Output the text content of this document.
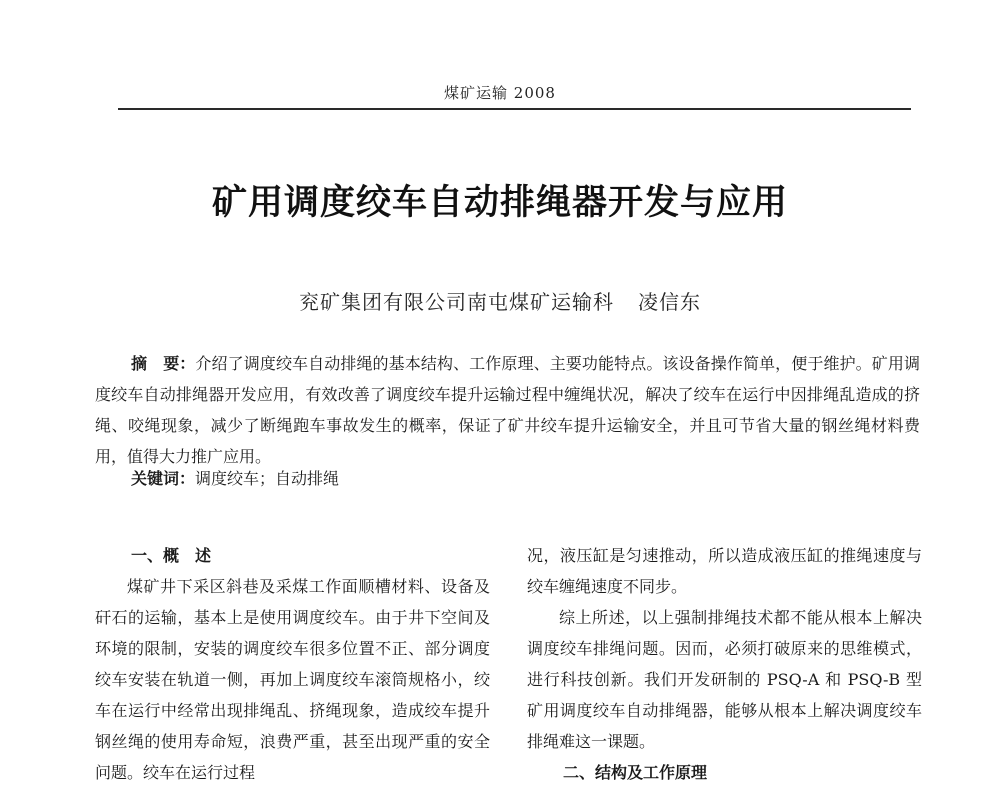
煤矿运输 2008
矿用调度绞车自动排绳器开发与应用
兖矿集团有限公司南屯煤矿运输科 凌信东
摘　要：介绍了调度绞车自动排绳的基本结构、工作原理、主要功能特点。该设备操作简单，便于维护。矿用调度绞车自动排绳器开发应用，有效改善了调度绞车提升运输过程中缠绳状况，解决了绞车在运行中因排绳乱造成的挤绳、咬绳现象，减少了断绳跑车事故发生的概率，保证了矿井绞车提升运输安全，并且可节省大量的钢丝绳材料费用，值得大力推广应用。
关键词：调度绞车；自动排绳
一、概　述

煤矿井下采区斜巷及采煤工作面顺槽材料、设备及矸石的运输，基本上是使用调度绞车。由于井下空间及环境的限制，安装的调度绞车很多位置不正、部分调度绞车安装在轨道一侧，再加上调度绞车滚筒规格小，绞车在运行中经常出现排绳乱、挤绳现象，造成绞车提升钢丝绳的使用寿命短，浪费严重，甚至出现严重的安全问题。绞车在运行过程

况，液压缸是匀速推动，所以造成液压缸的推绳速度与绞车缠绳速度不同步。

综上所述，以上强制排绳技术都不能从根本上解决调度绞车排绳问题。因而，必须打破原来的思维模式，进行科技创新。我们开发研制的 PSQ-A 和 PSQ-B 型矿用调度绞车自动排绳器，能够从根本上解决调度绞车排绳难这一课题。

二、结构及工作原理
